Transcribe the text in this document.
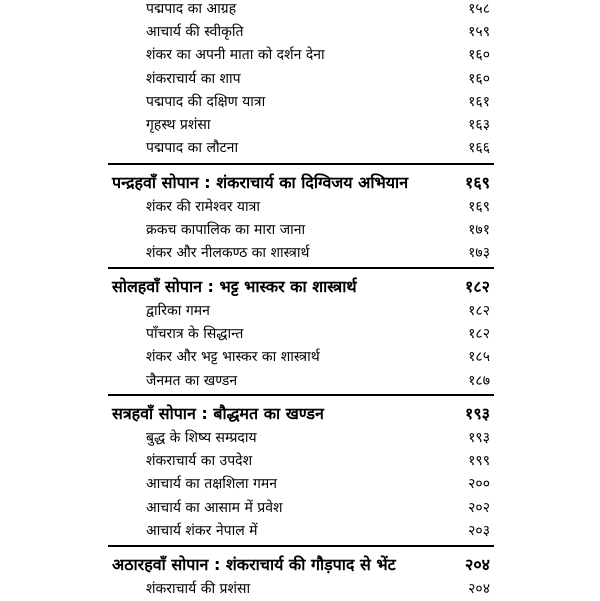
पद्मपाद का आग्रह	१५८
आचार्य की स्वीकृति	१५९
शंकर का अपनी माता को दर्शन देना	१६०
शंकराचार्य का शाप	१६०
पद्मपाद की दक्षिण यात्रा	१६१
गृहस्थ प्रशंसा	१६३
पद्मपाद का लौटना	१६६
पन्द्रहवाँ सोपान : शंकराचार्य का दिग्विजय अभियान	१६९
शंकर की रामेश्वर यात्रा	१६९
क्रकच कापालिक का मारा जाना	१७१
शंकर और नीलकण्ठ का शास्त्रार्थ	१७३
सोलहवाँ सोपान : भट्ट भास्कर का शास्त्रार्थ	१८२
द्वारिका गमन	१८२
पाँचरात्र के सिद्धान्त	१८२
शंकर और भट्ट भास्कर का शास्त्रार्थ	१८५
जैनमत का खण्डन	१८७
सत्रहवाँ सोपान : बौद्धमत का खण्डन	१९३
बुद्ध के शिष्य सम्प्रदाय	१९३
शंकराचार्य का उपदेश	१९९
आचार्य का तक्षशिला गमन	२००
आचार्य का आसाम में प्रवेश	२०२
आचार्य शंकर नेपाल में	२०३
अठारहवाँ सोपान : शंकराचार्य की गौड़पाद से भेंट	२०४
शंकराचार्य की प्रशंसा	२०४
